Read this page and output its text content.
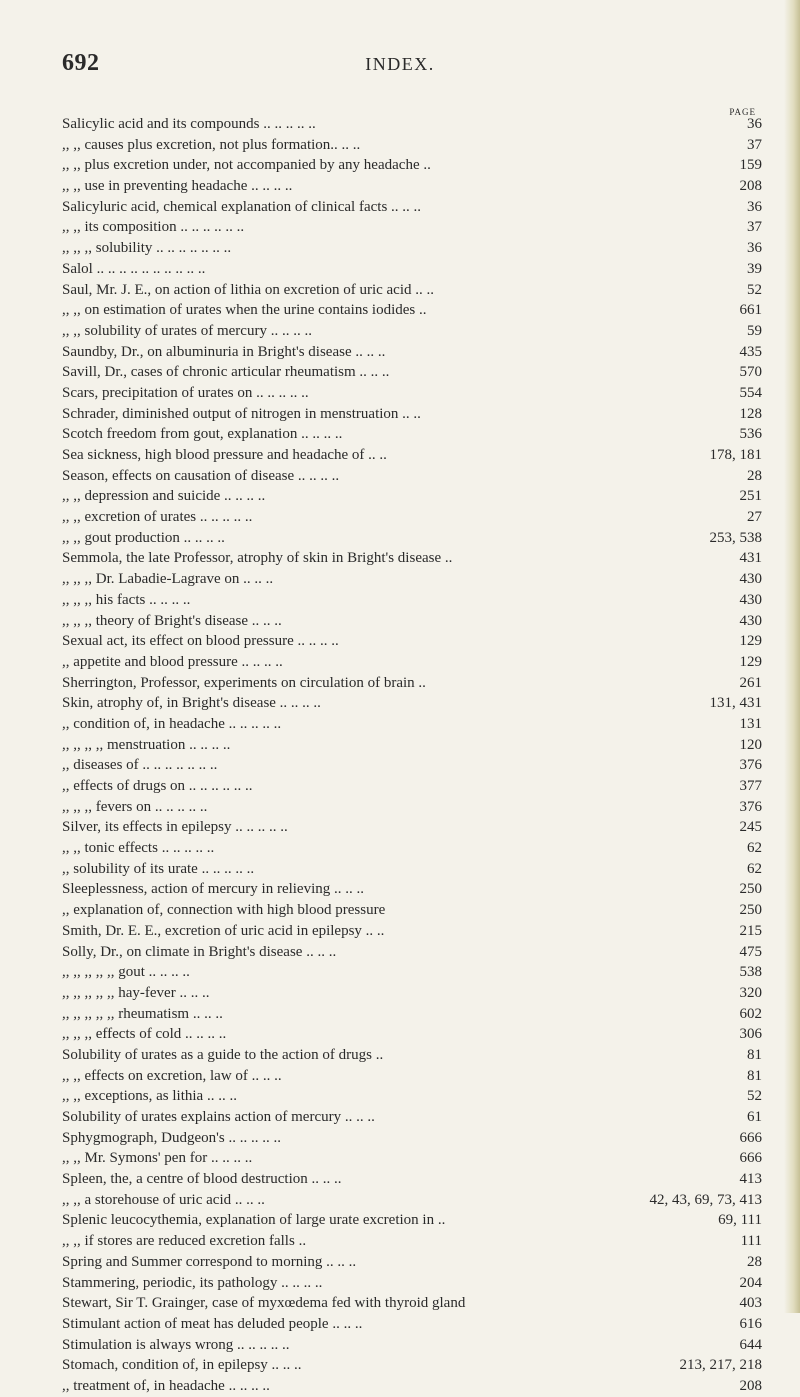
692	INDEX.
PAGE
Salicylic acid and its compounds .. .. .. .. ..	36
,, ,, causes plus excretion, not plus formation.. .. ..	37
,, ,, plus excretion under, not accompanied by any headache ..	159
,, ,, use in preventing headache .. .. .. ..	208
Salicyluric acid, chemical explanation of clinical facts .. .. ..	36
,, ,, its composition .. .. .. .. .. ..	37
,, ,, ,, solubility .. .. .. .. .. .. ..	36
Salol .. .. .. .. .. .. .. .. .. ..	39
Saul, Mr. J. E., on action of lithia on excretion of uric acid .. ..	52
,, ,, on estimation of urates when the urine contains iodides ..	661
,, ,, solubility of urates of mercury .. .. .. ..	59
Saundby, Dr., on albuminuria in Bright's disease .. .. ..	435
Savill, Dr., cases of chronic articular rheumatism .. .. ..	570
Scars, precipitation of urates on .. .. .. .. ..	554
Schrader, diminished output of nitrogen in menstruation .. ..	128
Scotch freedom from gout, explanation .. .. .. ..	536
Sea sickness, high blood pressure and headache of .. ..	178, 181
Season, effects on causation of disease .. .. .. ..	28
,, ,, depression and suicide .. .. .. ..	251
,, ,, excretion of urates .. .. .. .. ..	27
,, ,, gout production .. .. .. ..	253, 538
Semmola, the late Professor, atrophy of skin in Bright's disease ..	431
,, ,, ,, Dr. Labadie-Lagrave on .. .. ..	430
,, ,, ,, his facts .. .. .. ..	430
,, ,, ,, theory of Bright's disease .. .. ..	430
Sexual act, its effect on blood pressure .. .. .. ..	129
,, appetite and blood pressure .. .. .. ..	129
Sherrington, Professor, experiments on circulation of brain ..	261
Skin, atrophy of, in Bright's disease .. .. .. ..	131, 431
,, condition of, in headache .. .. .. .. ..	131
,, ,, ,, ,, menstruation .. .. .. ..	120
,, diseases of .. .. .. .. .. .. ..	376
,, effects of drugs on .. .. .. .. .. ..	377
,, ,, ,, fevers on .. .. .. .. ..	376
Silver, its effects in epilepsy .. .. .. .. ..	245
,, ,, tonic effects .. .. .. .. ..	62
,, solubility of its urate .. .. .. .. ..	62
Sleeplessness, action of mercury in relieving .. .. ..	250
,, explanation of, connection with high blood pressure	250
Smith, Dr. E. E., excretion of uric acid in epilepsy .. ..	215
Solly, Dr., on climate in Bright's disease .. .. ..	475
,, ,, ,, ,, ,, gout .. .. .. ..	538
,, ,, ,, ,, ,, hay-fever .. .. ..	320
,, ,, ,, ,, ,, rheumatism .. .. ..	602
,, ,, ,, effects of cold .. .. .. ..	306
Solubility of urates as a guide to the action of drugs ..	81
,, ,, effects on excretion, law of .. .. ..	81
,, ,, exceptions, as lithia .. .. ..	52
Solubility of urates explains action of mercury .. .. ..	61
Sphygmograph, Dudgeon's .. .. .. .. ..	666
,, ,, Mr. Symons' pen for .. .. .. ..	666
Spleen, the, a centre of blood destruction .. .. ..	413
,, ,, a storehouse of uric acid .. .. ..	42, 43, 69, 73, 413
Splenic leucocythemia, explanation of large urate excretion in ..	69, 111
,, ,, if stores are reduced excretion falls ..	111
Spring and Summer correspond to morning .. .. ..	28
Stammering, periodic, its pathology .. .. .. ..	204
Stewart, Sir T. Grainger, case of myxœdema fed with thyroid gland	403
Stimulant action of meat has deluded people .. .. ..	616
Stimulation is always wrong .. .. .. .. ..	644
Stomach, condition of, in epilepsy .. .. ..	213, 217, 218
,, treatment of, in headache .. .. .. ..	208
